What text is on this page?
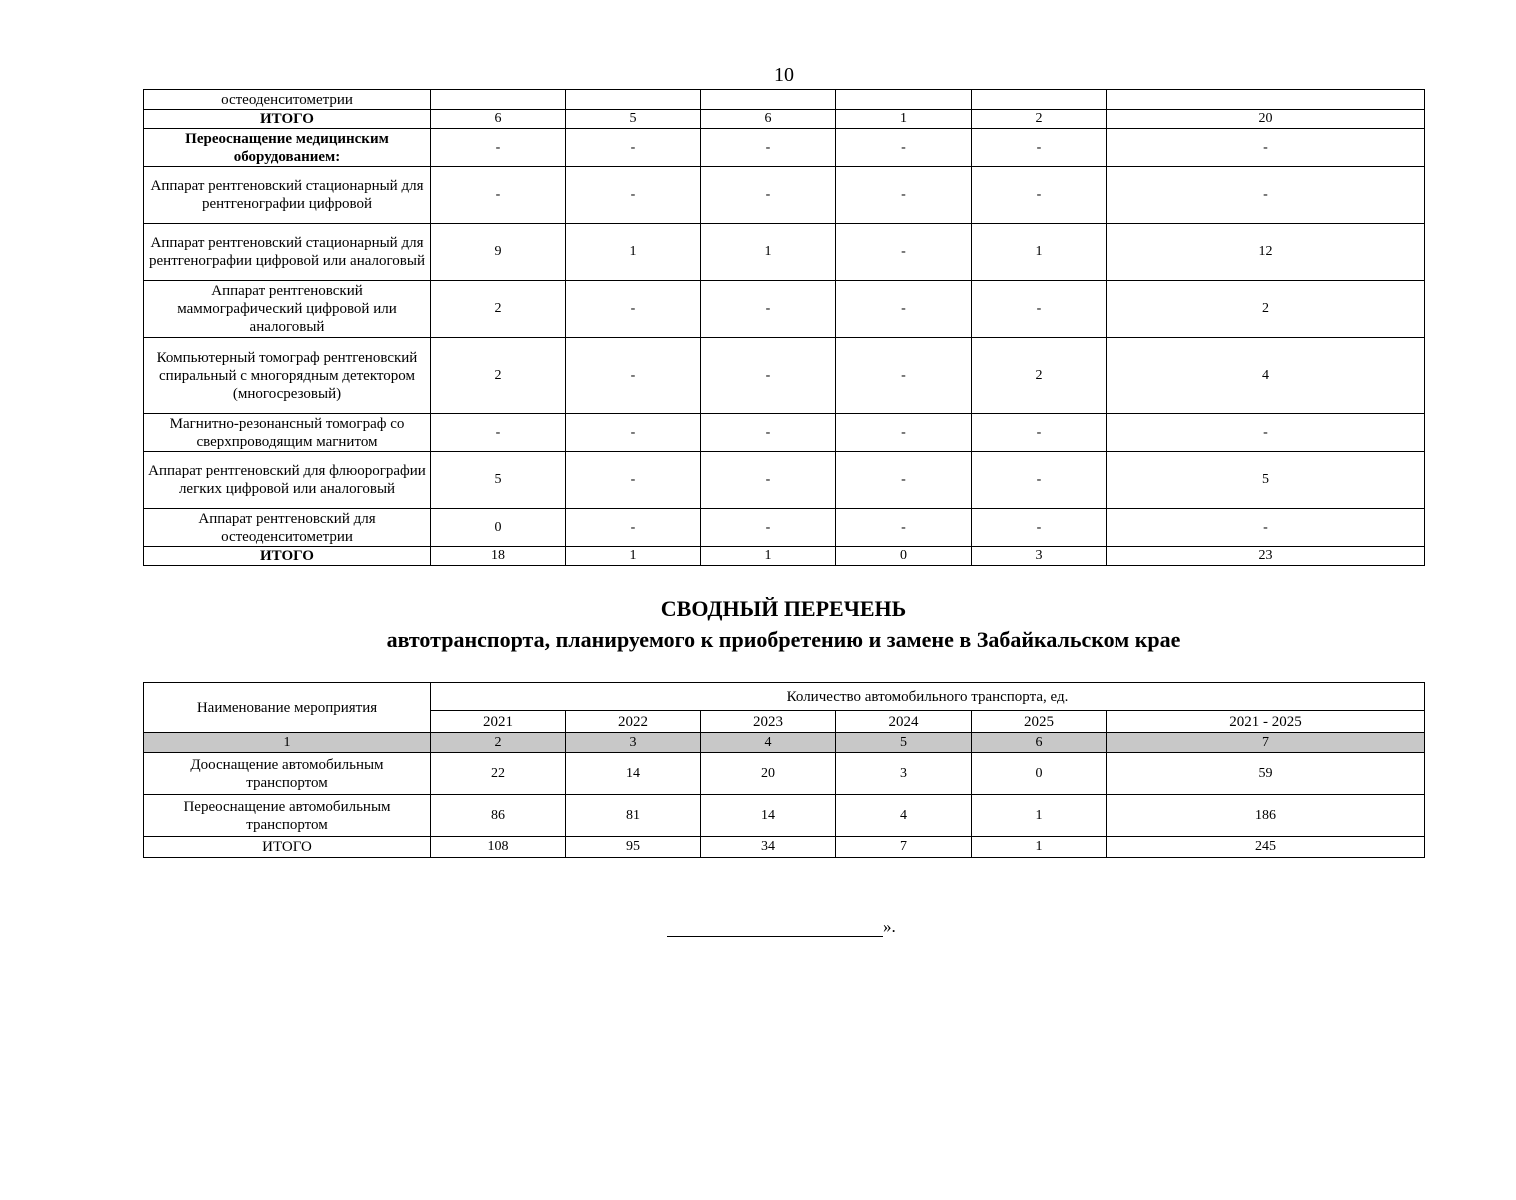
10
остеоденситометрии						
ИТОГО	6	5	6	1	2	20
Переоснащение медицинским оборудованием:	-	-	-	-	-	-
Аппарат рентгеновский стационарный для рентгенографии цифровой	-	-	-	-	-	-
Аппарат рентгеновский стационарный для рентгенографии цифровой или аналоговый	9	1	1	-	1	12
Аппарат рентгеновский маммографический цифровой или аналоговый	2	-	-	-	-	2
Компьютерный томограф рентгеновский спиральный с многорядным детектором (многосрезовый)	2	-	-	-	2	4
Магнитно-резонансный томограф со сверхпроводящим магнитом	-	-	-	-	-	-
Аппарат рентгеновский для флюорографии легких цифровой или аналоговый	5	-	-	-	-	5
Аппарат рентгеновский для остеоденситометрии	0	-	-	-	-	-
ИТОГО	18	1	1	0	3	23
СВОДНЫЙ ПЕРЕЧЕНЬ
автотранспорта, планируемого к приобретению и замене в Забайкальском крае
Наименование мероприятия	Количество автомобильного транспорта, ед.					
	2021	2022	2023	2024	2025	2021 - 2025
1	2	3	4	5	6	7
Дооснащение автомобильным транспортом	22	14	20	3	0	59
Переоснащение автомобильным транспортом	86	81	14	4	1	186
ИТОГО	108	95	34	7	1	245
».
